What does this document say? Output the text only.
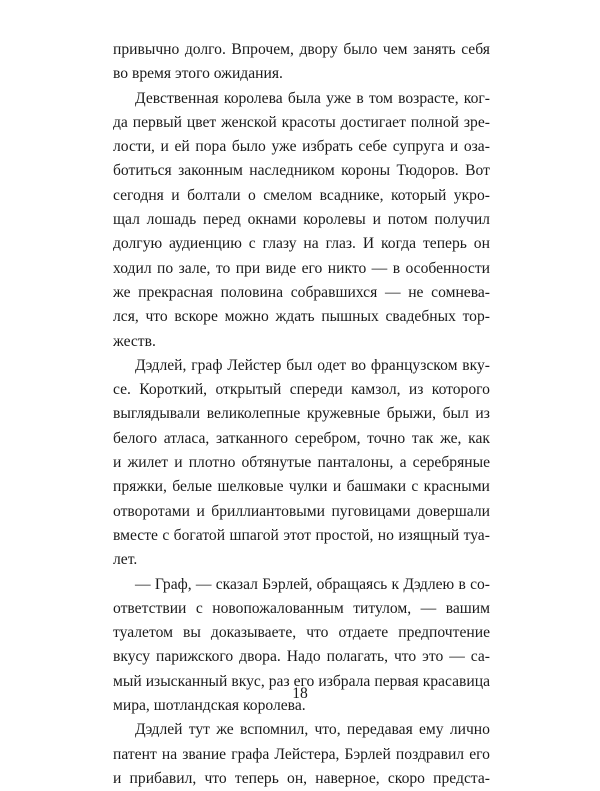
привычно долго. Впрочем, двору было чем занять себя
во время этого ожидания.
Девственная королева была уже в том возрасте, ког-
да первый цвет женской красоты достигает полной зре-
лости, и ей пора было уже избрать себе супруга и оза-
ботиться законным наследником короны Тюдоров. Вот
сегодня и болтали о смелом всаднике, который укро-
щал лошадь перед окнами королевы и потом получил
долгую аудиенцию с глазу на глаз. И когда теперь он
ходил по зале, то при виде его никто — в особенности
же прекрасная половина собравшихся — не сомнева-
лся, что вскоре можно ждать пышных свадебных тор-
жеств.
Дэдлей, граф Лейстер был одет во французском вку-
се. Короткий, открытый спереди камзол, из которого
выглядывали великолепные кружевные брыжи, был из
белого атласа, затканного серебром, точно так же, как
и жилет и плотно обтянутые панталоны, а серебряные
пряжки, белые шелковые чулки и башмаки с красными
отворотами и бриллиантовыми пуговицами довершали
вместе с богатой шпагой этот простой, но изящный туа-
лет.
— Граф, — сказал Бэрлей, обращаясь к Дэдлею в со-
ответствии с новопожалованным титулом, — вашим
туалетом вы доказываете, что отдаете предпочтение
вкусу парижского двора. Надо полагать, что это — са-
мый изысканный вкус, раз его избрала первая красавица
мира, шотландская королева.
Дэдлей тут же вспомнил, что, передавая ему лично
патент на звание графа Лейстера, Бэрлей поздравил его
и прибавил, что теперь он, наверное, скоро предста-
18
